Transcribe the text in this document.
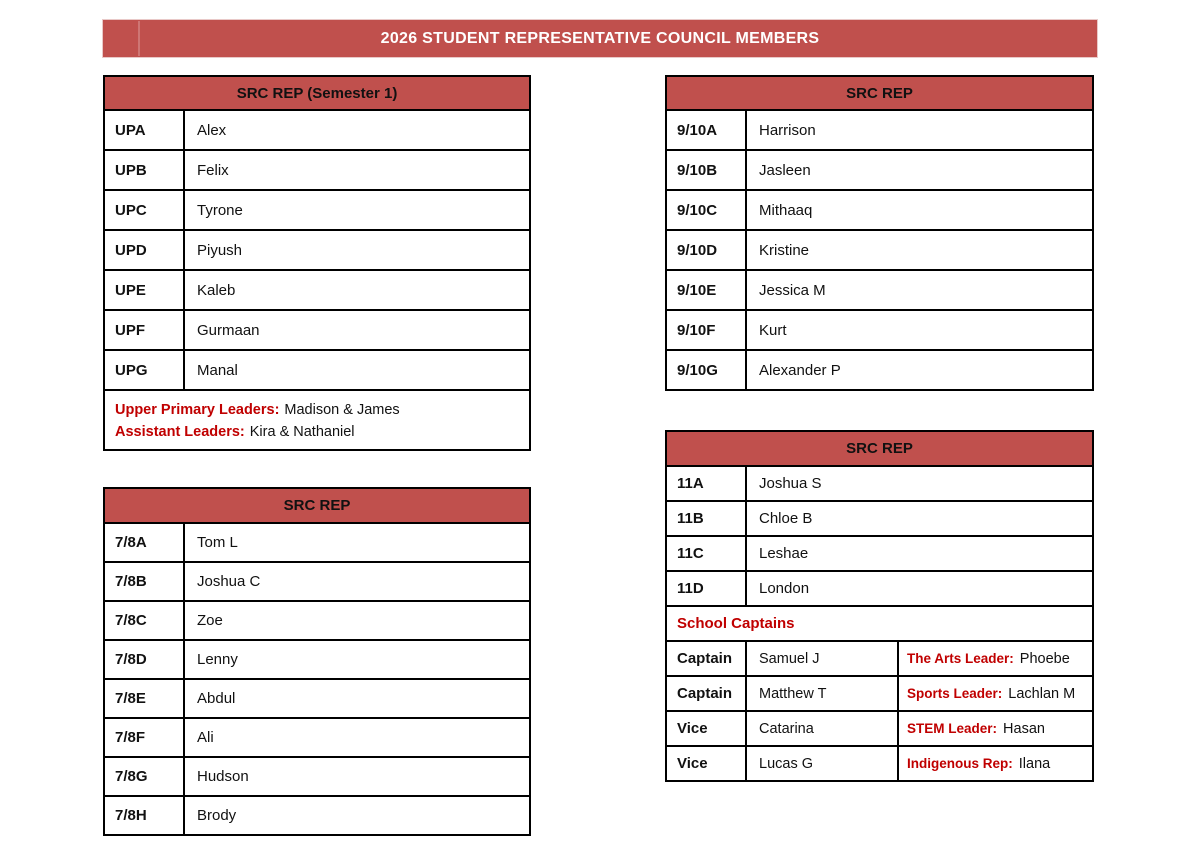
2026 STUDENT REPRESENTATIVE COUNCIL MEMBERS
SRC REP (Semester 1)
UPA	Alex
UPB	Felix
UPC	Tyrone
UPD	Piyush
UPE	Kaleb
UPF	Gurmaan
UPG	Manal
Upper Primary Leaders: Madison & James
Assistant Leaders: Kira & Nathaniel
SRC REP
9/10A	Harrison
9/10B	Jasleen
9/10C	Mithaaq
9/10D	Kristine
9/10E	Jessica M
9/10F	Kurt
9/10G	Alexander P
SRC REP
11A	Joshua S
11B	Chloe B
11C	Leshae
11D	London
School Captains
Captain	Samuel J	The Arts Leader: Phoebe
Captain	Matthew T	Sports Leader: Lachlan M
Vice	Catarina	STEM Leader: Hasan
Vice	Lucas G	Indigenous Rep: Ilana
SRC REP
7/8A	Tom L
7/8B	Joshua C
7/8C	Zoe
7/8D	Lenny
7/8E	Abdul
7/8F	Ali
7/8G	Hudson
7/8H	Brody
